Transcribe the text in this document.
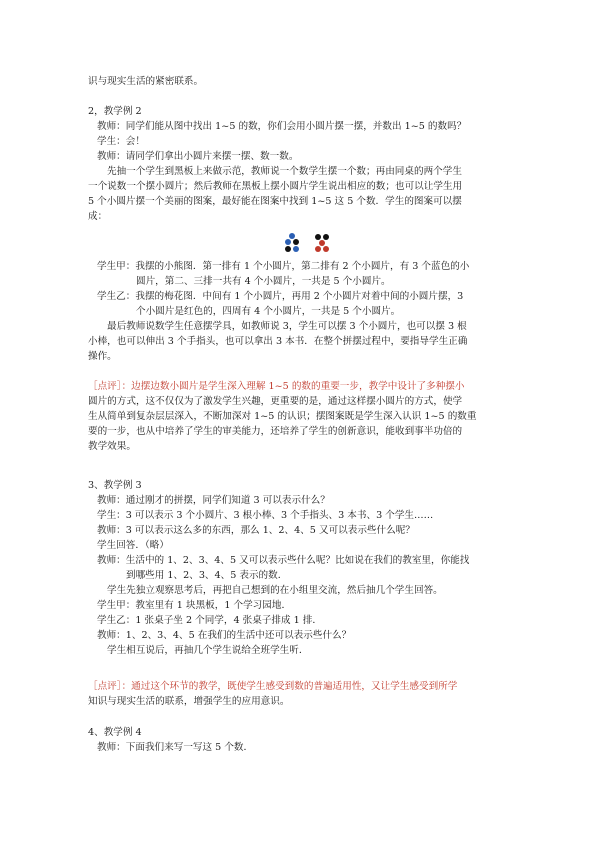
识与现实生活的紧密联系。
2，教学例 2
教师：同学们能从图中找出 1~5 的数，你们会用小圆片摆一摆，并数出 1~5 的数吗？
学生：会！
教师：请同学们拿出小圆片来摆一摆、数一数。
先抽一个学生到黑板上来做示范，教师说一个数学生摆一个数；再由同桌的两个学生
一个说数一个摆小圆片；然后教师在黑板上摆小圆片学生说出相应的数；也可以让学生用
5 个小圆片摆一个美丽的图案，最好能在图案中找到 1~5 这 5 个数．学生的图案可以摆
成：
学生甲：我摆的小熊图．第一排有 1 个小圆片，第二排有 2 个小圆片，有 3 个蓝色的小
圆片，第二、三排一共有 4 个小圆片，一共是 5 个小圆片。
学生乙：我摆的梅花图．中间有 1 个小圆片，再用 2 个小圆片对着中间的小圆片摆，3
个小圆片是红色的，四周有 4 个小圆片，一共是 5 个小圆片。
最后教师说数学生任意摆学具，如教师说 3，学生可以摆 3 个小圆片，也可以摆 3 根
小棒，也可以伸出 3 个手指头，也可以拿出 3 本书．在整个拼摆过程中，要指导学生正确
操作。
［点评］：边摆边数小圆片是学生深入理解 1~5 的数的重要一步，教学中设计了多种摆小
圆片的方式，这不仅仅为了激发学生兴趣，更重要的是，通过这样摆小圆片的方式，使学
生从简单到复杂层层深入，不断加深对 1~5 的认识；摆图案既是学生深入认识 1~5 的数重
要的一步，也从中培养了学生的审美能力，还培养了学生的创新意识，能收到事半功倍的
教学效果。
3、教学例 3
教师：通过刚才的拼摆，同学们知道 3 可以表示什么？
学生：3 可以表示 3 个小圆片、3 根小棒、3 个手指头、3 本书、3 个学生……
教师：3 可以表示这么多的东西，那么 1、2、4、5 又可以表示些什么呢？
学生回答．（略）
教师：生活中的 1、2、3、4、5 又可以表示些什么呢？比如说在我们的教室里，你能找
到哪些用 1、2、3、4、5 表示的数．
学生先独立观察思考后，再把自己想到的在小组里交流，然后抽几个学生回答。
学生甲：教室里有 1 块黑板，1 个学习园地．
学生乙：1 张桌子坐 2 个同学，4 张桌子排成 1 排．
教师：1、2、3、4、5 在我们的生活中还可以表示些什么？
学生相互说后，再抽几个学生说给全班学生听．
［点评］：通过这个环节的教学，既使学生感受到数的普遍适用性，又让学生感受到所学
知识与现实生活的联系，增强学生的应用意识。
4、教学例 4
教师：下面我们来写一写这 5 个数．
